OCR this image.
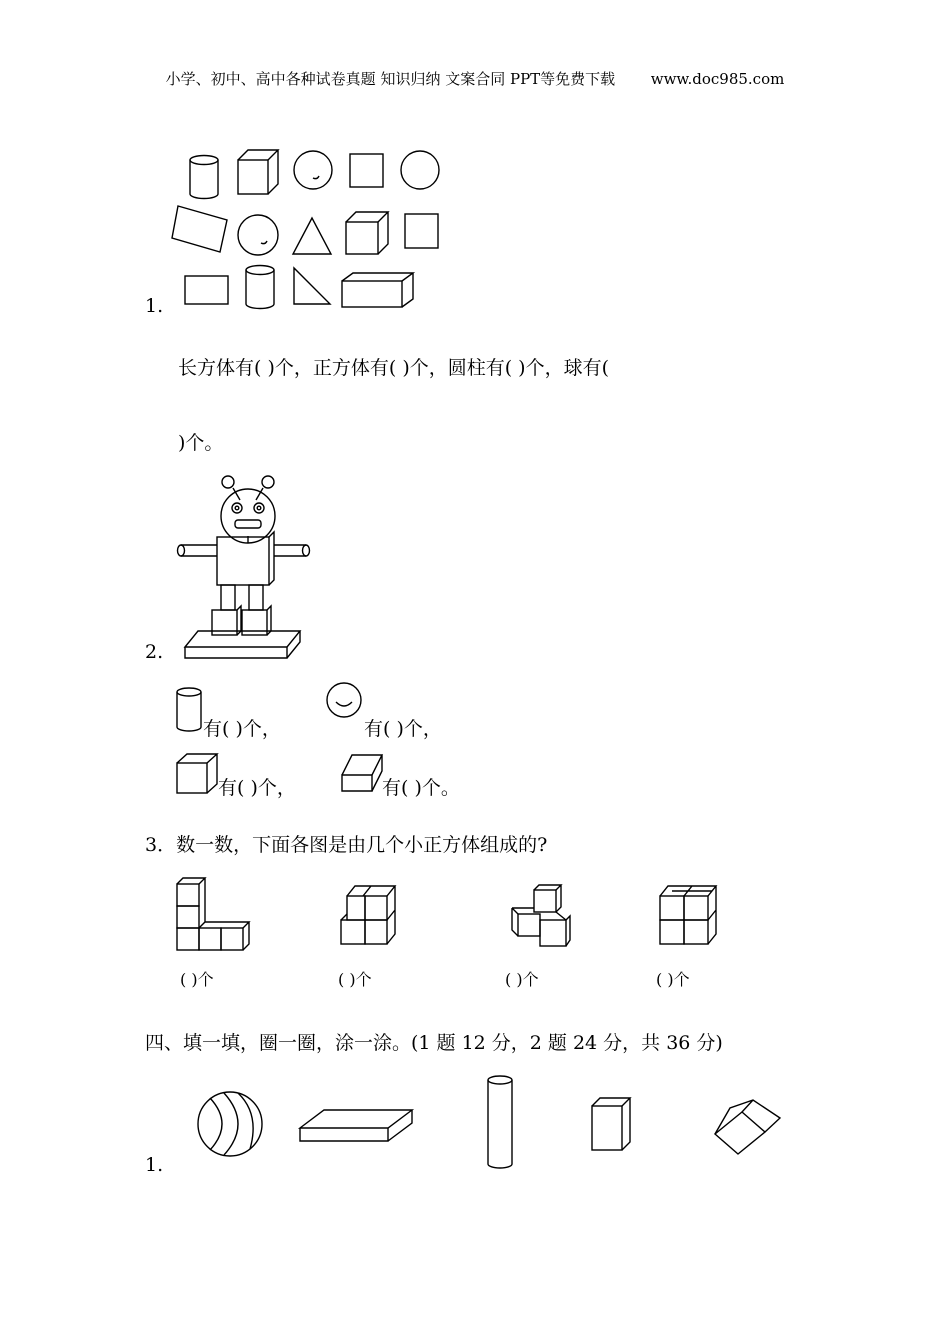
小学、初中、高中各种试卷真题 知识归纳 文案合同 PPT等免费下载 www.doc985.com
1.
长方体有( )个，正方体有( )个，圆柱有( )个，球有(
)个。
2.
有( )个，	有( )个，
有( )个，	有( )个。
3．数一数，下面各图是由几个小正方体组成的?
( )个	( )个	( )个	( )个
四、填一填，圈一圈，涂一涂。(1 题 12 分，2 题 24 分，共 36 分)
1.
